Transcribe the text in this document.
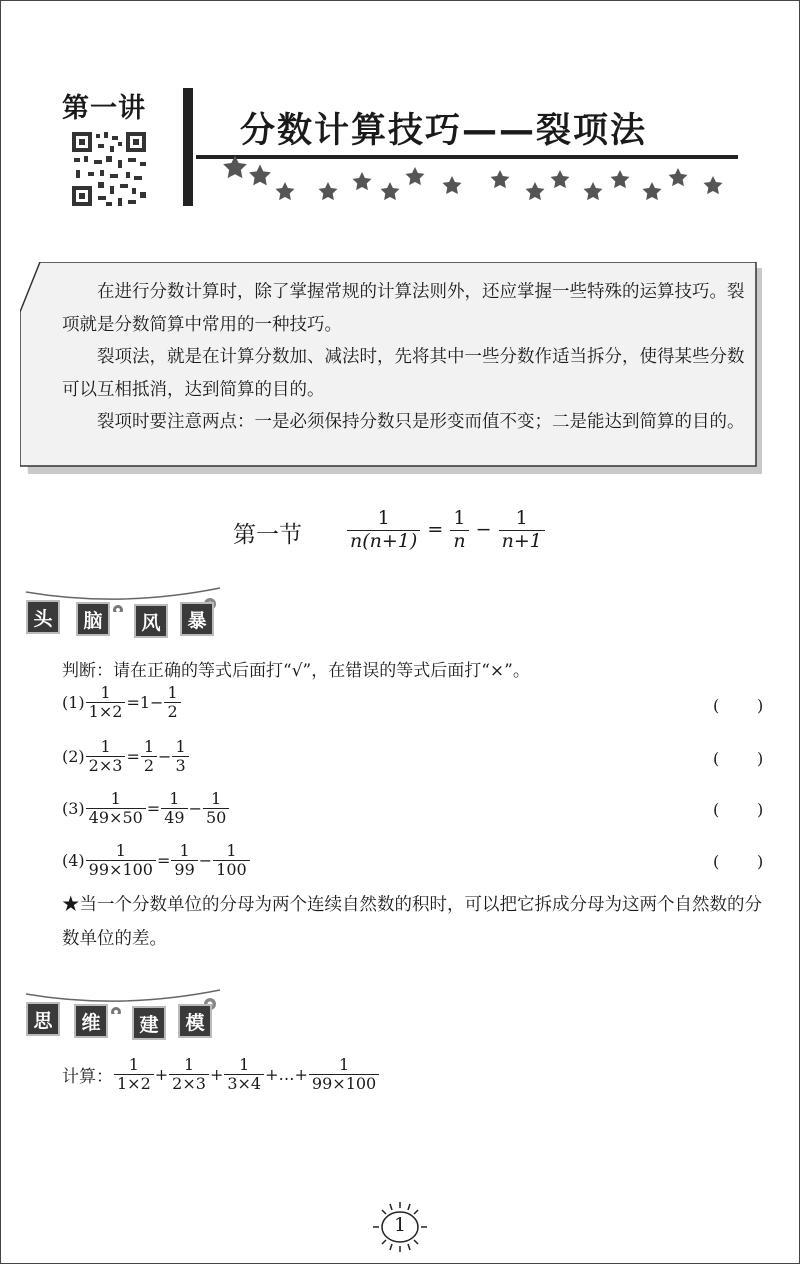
第一讲
分数计算技巧——裂项法

在进行分数计算时，除了掌握常规的计算法则外，还应掌握一些特殊的运算技巧。裂项就是分数简算中常用的一种技巧。

裂项法，就是在计算分数加、减法时，先将其中一些分数作适当拆分，使得某些分数可以互相抵消，达到简算的目的。

裂项时要注意两点：一是必须保持分数只是形变而值不变；二是能达到简算的目的。

第一节 $\frac{1}{n(n+1)} = \frac{1}{n} - \frac{1}{n+1}$
头	脑	风	暴
判断：请在正确的等式后面打“√”，在错误的等式后面打“×”。
$(1) \frac{1}{1\times 2} = 1 - \frac{1}{2}$	( )
$(2) \frac{1}{2\times 3} = \frac{1}{2} - \frac{1}{3}$	( )
$(3) \frac{1}{49\times 50} = \frac{1}{49} - \frac{1}{50}$	( )
$(4) \frac{1}{99\times 100} = \frac{1}{99} - \frac{1}{100}$	( )
★当一个分数单位的分母为两个连续自然数的积时，可以把它拆成分母为这两个自然数的分数单位的差。
思	维	建	模
计算： $\frac{1}{1\times 2} + \frac{1}{2\times 3} + \frac{1}{3\times 4}$ +…+ $\frac{1}{99\times 100}$
1
